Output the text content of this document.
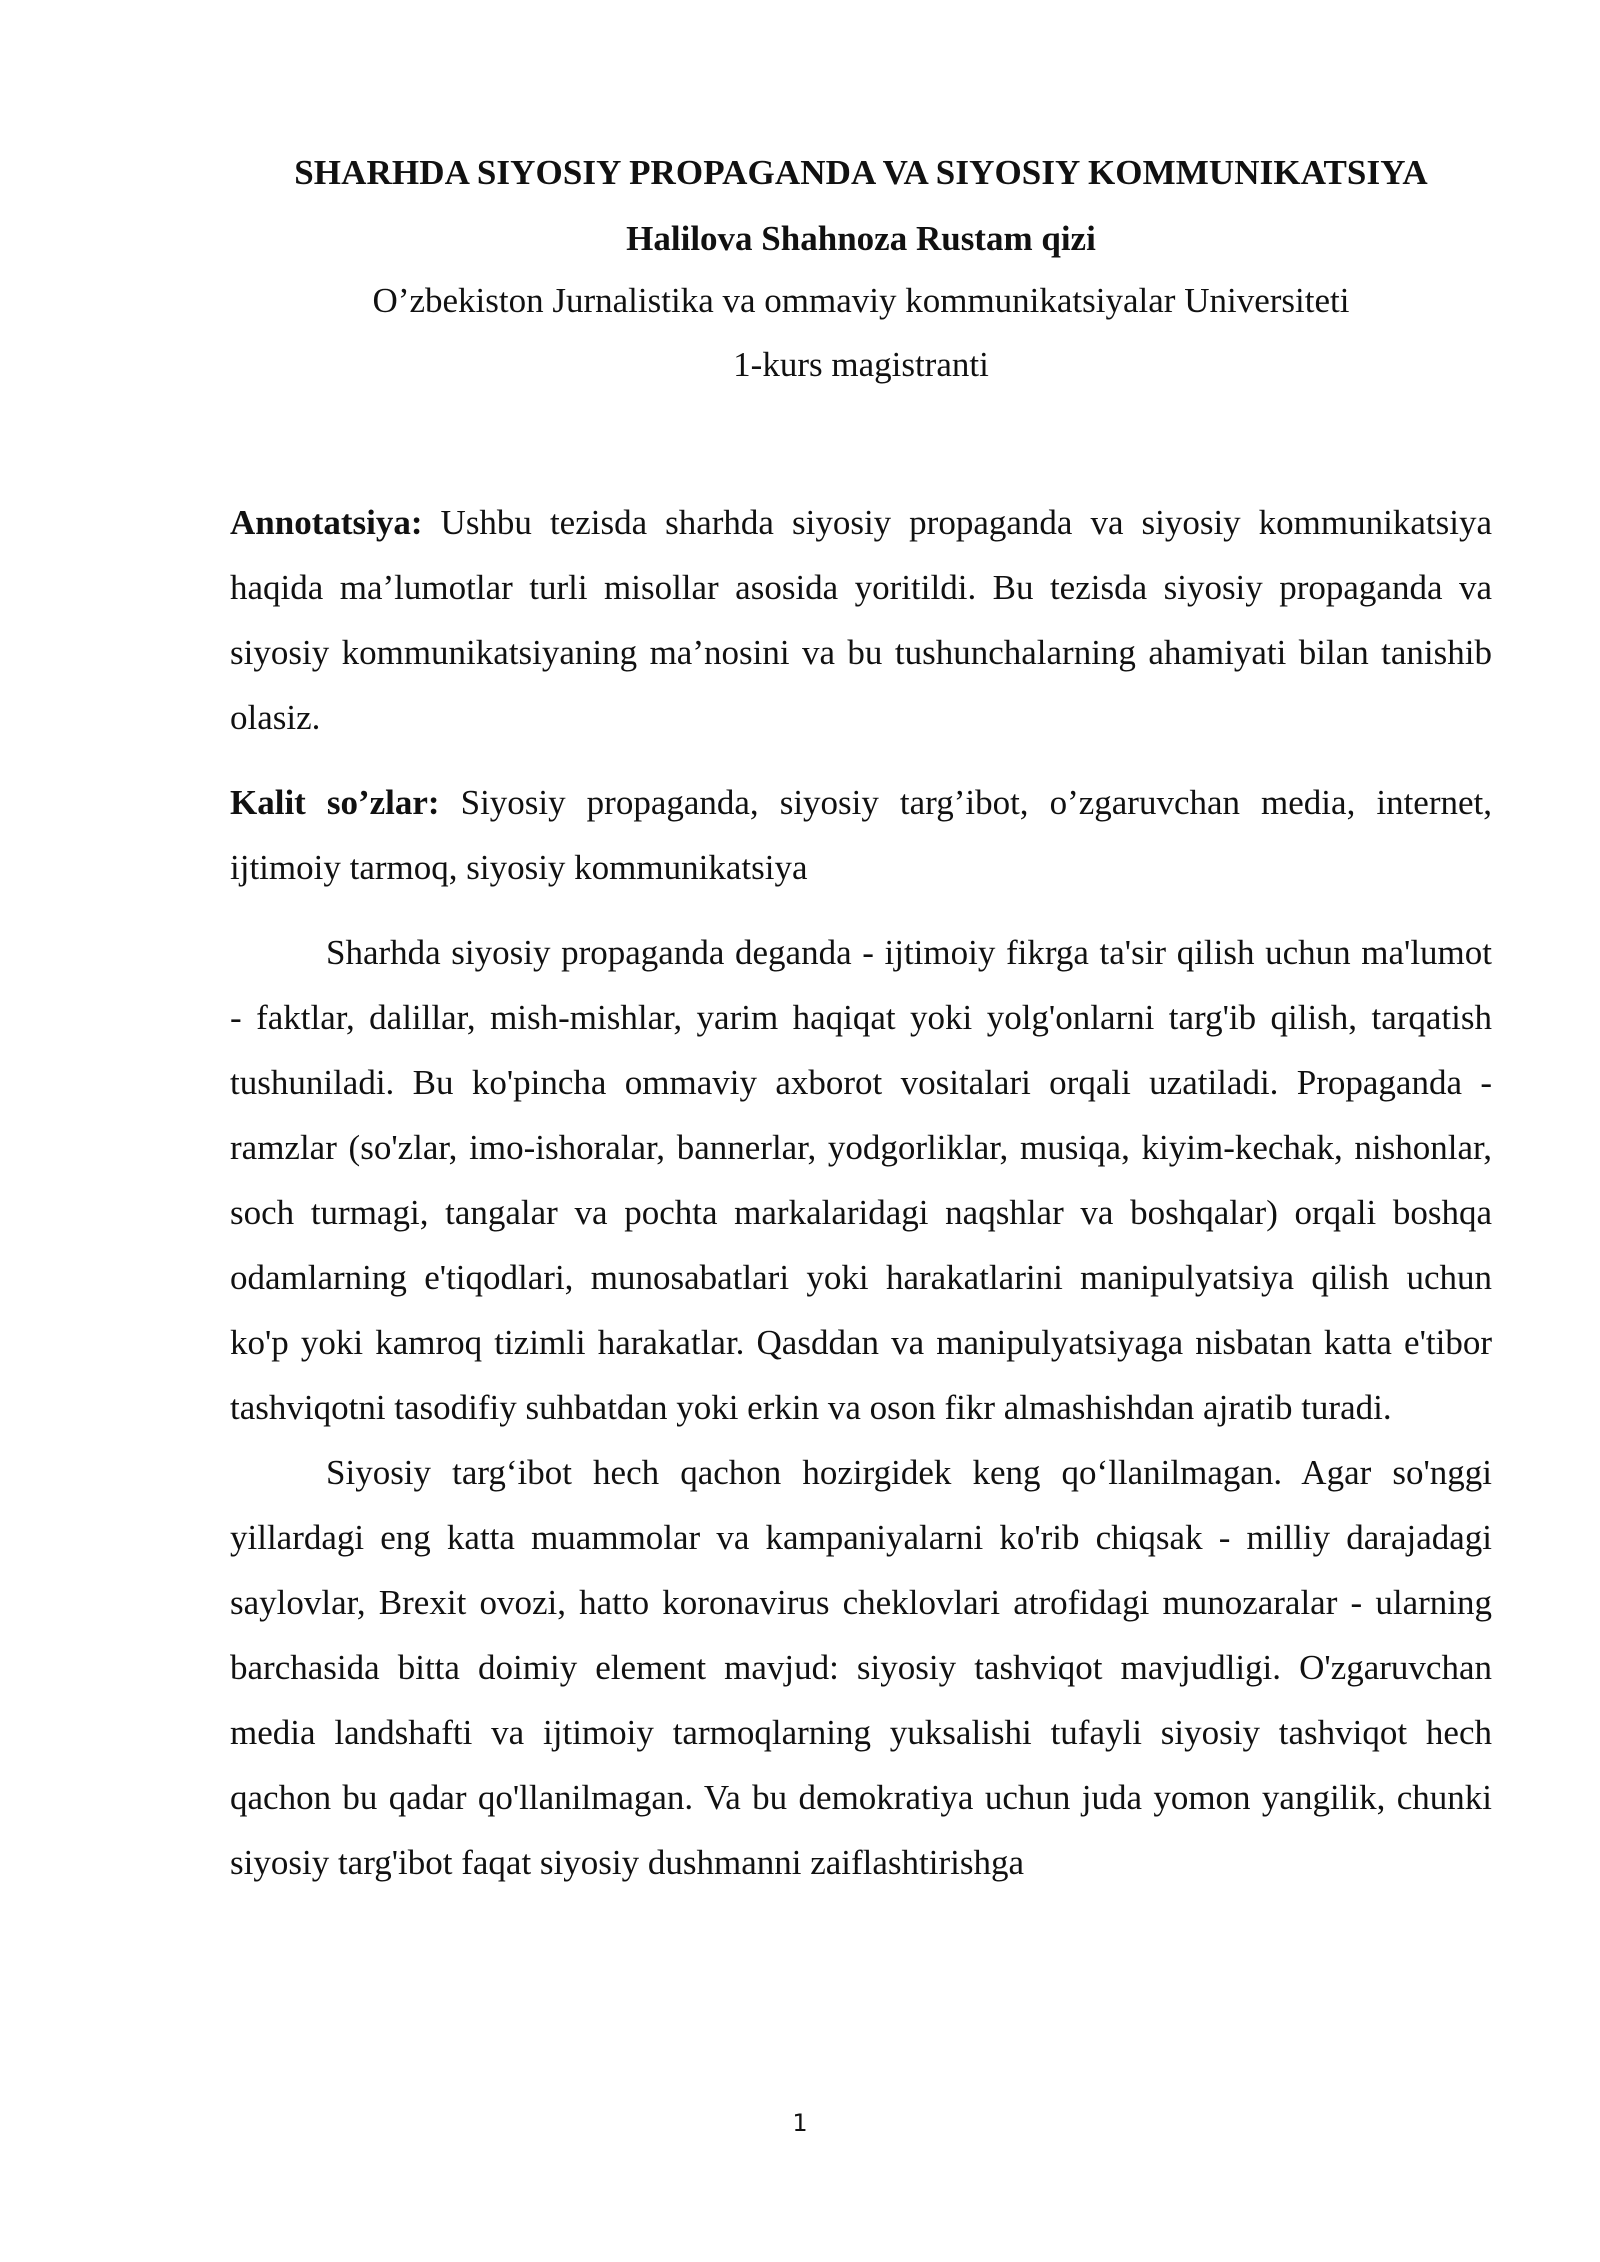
SHARHDA SIYOSIY PROPAGANDA VA SIYOSIY KOMMUNIKATSIYA
Halilova Shahnoza Rustam qizi
O’zbekiston Jurnalistika va ommaviy kommunikatsiyalar Universiteti
1-kurs magistranti

Annotatsiya: Ushbu tezisda sharhda siyosiy propaganda va siyosiy kommunikatsiya haqida ma’lumotlar turli misollar asosida yoritildi. Bu tezisda siyosiy propaganda va siyosiy kommunikatsiyaning ma’nosini va bu tushunchalarning ahamiyati bilan tanishib olasiz.

Kalit so’zlar: Siyosiy propaganda, siyosiy targ’ibot, o’zgaruvchan media, internet, ijtimoiy tarmoq, siyosiy kommunikatsiya

Sharhda siyosiy propaganda deganda - ijtimoiy fikrga ta'sir qilish uchun ma'lumot - faktlar, dalillar, mish-mishlar, yarim haqiqat yoki yolg'onlarni targ'ib qilish, tarqatish tushuniladi. Bu ko'pincha ommaviy axborot vositalari orqali uzatiladi. Propaganda - ramzlar (so'zlar, imo-ishoralar, bannerlar, yodgorliklar, musiqa, kiyim-kechak, nishonlar, soch turmagi, tangalar va pochta markalaridagi naqshlar va boshqalar) orqali boshqa odamlarning e'tiqodlari, munosabatlari yoki harakatlarini manipulyatsiya qilish uchun ko'p yoki kamroq tizimli harakatlar. Qasddan va manipulyatsiyaga nisbatan katta e'tibor tashviqotni tasodifiy suhbatdan yoki erkin va oson fikr almashishdan ajratib turadi.

Siyosiy targ‘ibot hech qachon hozirgidek keng qo‘llanilmagan. Agar so'nggi yillardagi eng katta muammolar va kampaniyalarni ko'rib chiqsak - milliy darajadagi saylovlar, Brexit ovozi, hatto koronavirus cheklovlari atrofidagi munozaralar - ularning barchasida bitta doimiy element mavjud: siyosiy tashviqot mavjudligi. O'zgaruvchan media landshafti va ijtimoiy tarmoqlarning yuksalishi tufayli siyosiy tashviqot hech qachon bu qadar qo'llanilmagan. Va bu demokratiya uchun juda yomon yangilik, chunki siyosiy targ'ibot faqat siyosiy dushmanni zaiflashtirishga

1
